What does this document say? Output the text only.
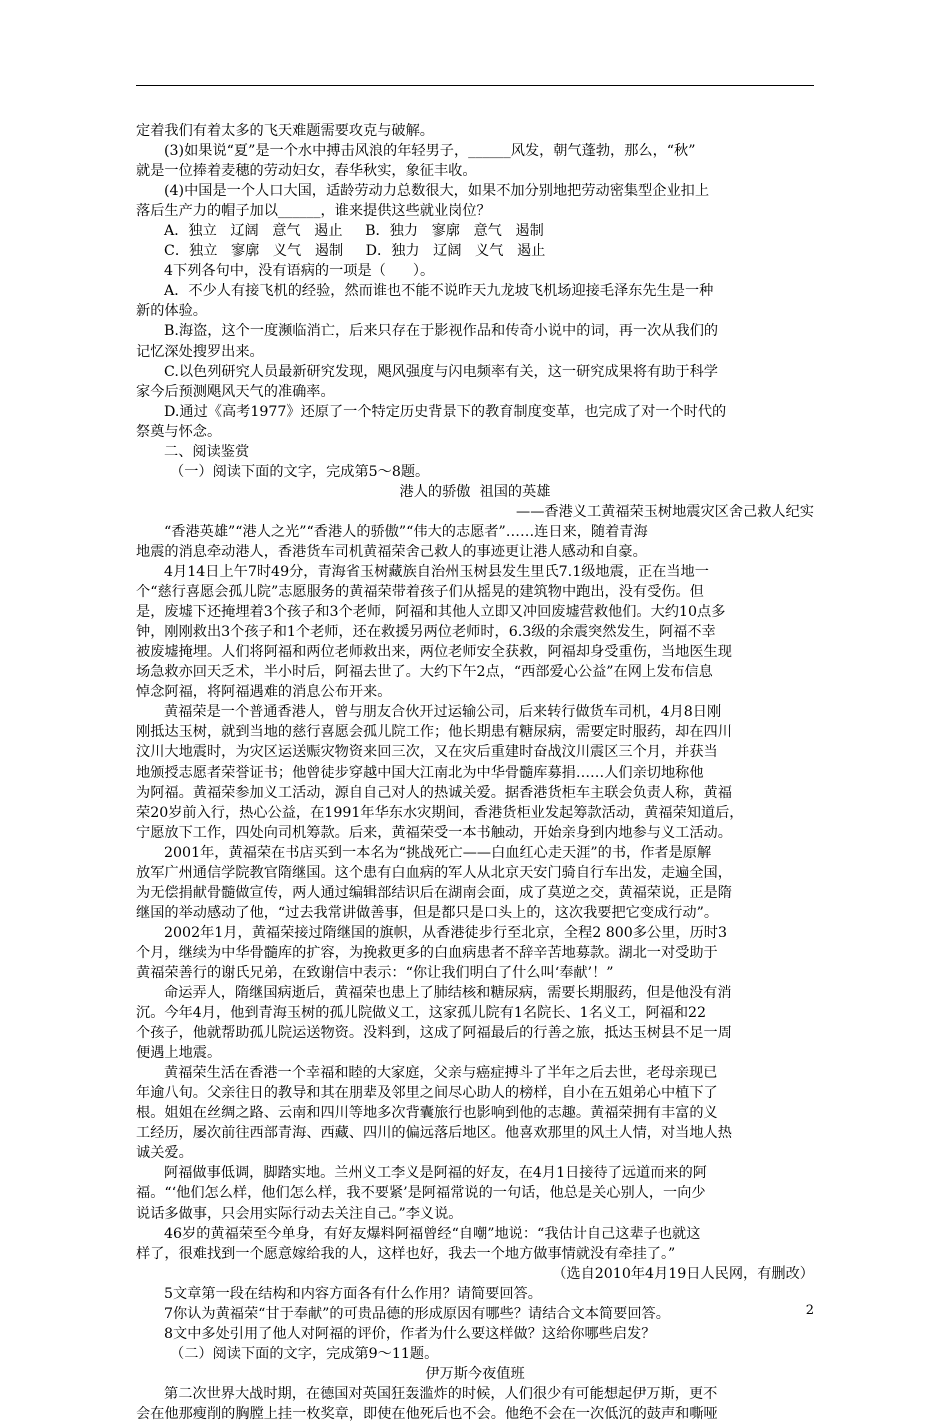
定着我们有着太多的飞天难题需要攻克与破解。
(3)如果说“夏”是一个水中搏击风浪的年轻男子，______风发，朝气蓬勃，那么，“秋”
就是一位捧着麦穗的劳动妇女，春华秋实，象征丰收。
(4)中国是一个人口大国，适龄劳动力总数很大，如果不加分别地把劳动密集型企业扣上
落后生产力的帽子加以______，谁来提供这些就业岗位？
A．独立   辽阔   意气   遏止     B．独力   寥廓   意气   遏制
C．独立   寥廓   义气   遏制     D．独力   辽阔   义气   遏止
4下列各句中，没有语病的一项是（      ）。
A．不少人有接飞机的经验，然而谁也不能不说昨天九龙坡飞机场迎接毛泽东先生是一种
新的体验。
B.海盗，这个一度濒临消亡，后来只存在于影视作品和传奇小说中的词，再一次从我们的
记忆深处搜罗出来。
C.以色列研究人员最新研究发现，飓风强度与闪电频率有关，这一研究成果将有助于科学
家今后预测飓风天气的准确率。
D.通过《高考1977》还原了一个特定历史背景下的教育制度变革，也完成了对一个时代的
祭奠与怀念。
二、阅读鉴赏
（一）阅读下面的文字，完成第5～8题。
港人的骄傲  祖国的英雄
——香港义工黄福荣玉树地震灾区舍己救人纪实
“香港英雄”“港人之光”“香港人的骄傲”“伟大的志愿者”……连日来，随着青海
地震的消息牵动港人，香港货车司机黄福荣舍己救人的事迹更让港人感动和自豪。
4月14日上午7时49分，青海省玉树藏族自治州玉树县发生里氏7.1级地震，正在当地一
个“慈行喜愿会孤儿院”志愿服务的黄福荣带着孩子们从摇晃的建筑物中跑出，没有受伤。但
是，废墟下还掩埋着3个孩子和3个老师，阿福和其他人立即又冲回废墟营救他们。大约10点多
钟，刚刚救出3个孩子和1个老师，还在救援另两位老师时，6.3级的余震突然发生，阿福不幸
被废墟掩埋。人们将阿福和两位老师救出来，两位老师安全获救，阿福却身受重伤，当地医生现
场急救亦回天乏术，半小时后，阿福去世了。大约下午2点，“西部爱心公益”在网上发布信息
悼念阿福，将阿福遇难的消息公布开来。
黄福荣是一个普通香港人，曾与朋友合伙开过运输公司，后来转行做货车司机，4月8日刚
刚抵达玉树，就到当地的慈行喜愿会孤儿院工作；他长期患有糖尿病，需要定时服药，却在四川
汶川大地震时，为灾区运送赈灾物资来回三次，又在灾后重建时奋战汶川震区三个月，并获当
地颁授志愿者荣誉证书；他曾徒步穿越中国大江南北为中华骨髓库募捐……人们亲切地称他
为阿福。黄福荣参加义工活动，源自自己对人的热诚关爱。据香港货柜车主联会负责人称，黄福
荣20岁前入行，热心公益，在1991年华东水灾期间，香港货柜业发起筹款活动，黄福荣知道后，
宁愿放下工作，四处向司机筹款。后来，黄福荣受一本书触动，开始亲身到内地参与义工活动。
2001年，黄福荣在书店买到一本名为“挑战死亡——白血红心走天涯”的书，作者是原解
放军广州通信学院教官隋继国。这个患有白血病的军人从北京天安门骑自行车出发，走遍全国，
为无偿捐献骨髓做宣传，两人通过编辑部结识后在湖南会面，成了莫逆之交，黄福荣说，正是隋
继国的举动感动了他，“过去我常讲做善事，但是都只是口头上的，这次我要把它变成行动”。
2002年1月，黄福荣接过隋继国的旗帜，从香港徒步行至北京，全程2 800多公里，历时3
个月，继续为中华骨髓库的扩容，为挽救更多的白血病患者不辞辛苦地募款。湖北一对受助于
黄福荣善行的谢氏兄弟，在致谢信中表示：“你让我们明白了什么叫‘奉献’！”
命运弄人，隋继国病逝后，黄福荣也患上了肺结核和糖尿病，需要长期服药，但是他没有消
沉。今年4月，他到青海玉树的孤儿院做义工，这家孤儿院有1名院长、1名义工，阿福和22
个孩子，他就帮助孤儿院运送物资。没料到，这成了阿福最后的行善之旅，抵达玉树县不足一周
便遇上地震。
黄福荣生活在香港一个幸福和睦的大家庭，父亲与癌症搏斗了半年之后去世，老母亲现已
年逾八旬。父亲往日的教导和其在朋辈及邻里之间尽心助人的榜样，自小在五姐弟心中植下了
根。姐姐在丝绸之路、云南和四川等地多次背囊旅行也影响到他的志趣。黄福荣拥有丰富的义
工经历，屡次前往西部青海、西藏、四川的偏远落后地区。他喜欢那里的风土人情，对当地人热
诚关爱。
阿福做事低调，脚踏实地。兰州义工李义是阿福的好友，在4月1日接待了远道而来的阿
福。“‘他们怎么样，他们怎么样，我不要紧’是阿福常说的一句话，他总是关心别人，一向少
说话多做事，只会用实际行动去关注自己。”李义说。
46岁的黄福荣至今单身，有好友爆料阿福曾经“自嘲”地说：“我估计自己这辈子也就这
样了，很难找到一个愿意嫁给我的人，这样也好，我去一个地方做事情就没有牵挂了。”
（选自2010年4月19日人民网，有删改）
5文章第一段在结构和内容方面各有什么作用？请简要回答。
7你认为黄福荣“甘于奉献”的可贵品德的形成原因有哪些？请结合文本简要回答。
8文中多处引用了他人对阿福的评价，作者为什么要这样做？这给你哪些启发？
（二）阅读下面的文字，完成第9～11题。
伊万斯今夜值班
第二次世界大战时期，在德国对英国狂轰滥炸的时候，人们很少有可能想起伊万斯，更不
会在他那瘦削的胸膛上挂一枚奖章，即使在他死后也不会。他绝不会在一次低沉的鼓声和嘶哑
2
